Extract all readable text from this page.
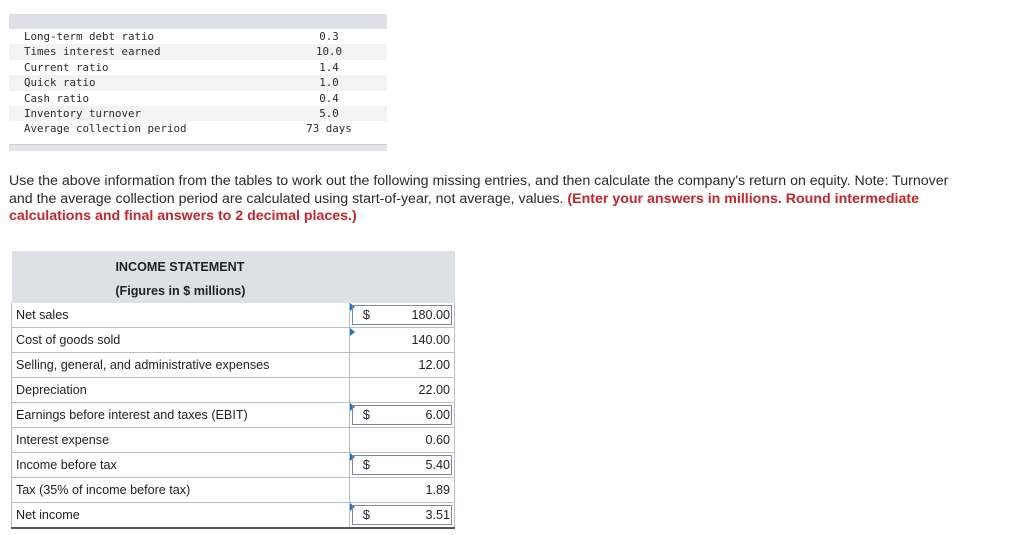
Long-term debt ratio	0.3
Times interest earned	10.0
Current ratio	1.4
Quick ratio	1.0
Cash ratio	0.4
Inventory turnover	5.0
Average collection period	73 days
Use the above information from the tables to work out the following missing entries, and then calculate the company's return on equity. Note: Turnover and the average collection period are calculated using start-of-year, not average, values. (Enter your answers in millions. Round intermediate calculations and final answers to 2 decimal places.)
INCOME STATEMENT	
(Figures in $ millions)	
Net sales	$ 180.00

Cost of goods sold	140.00

Selling, general, and administrative expenses	12.00

Depreciation	22.00

Earnings before interest and taxes (EBIT)	$ 6.00

Interest expense	0.60

Income before tax	$ 5.40

Tax (35% of income before tax)	1.89

Net income	$ 3.51
